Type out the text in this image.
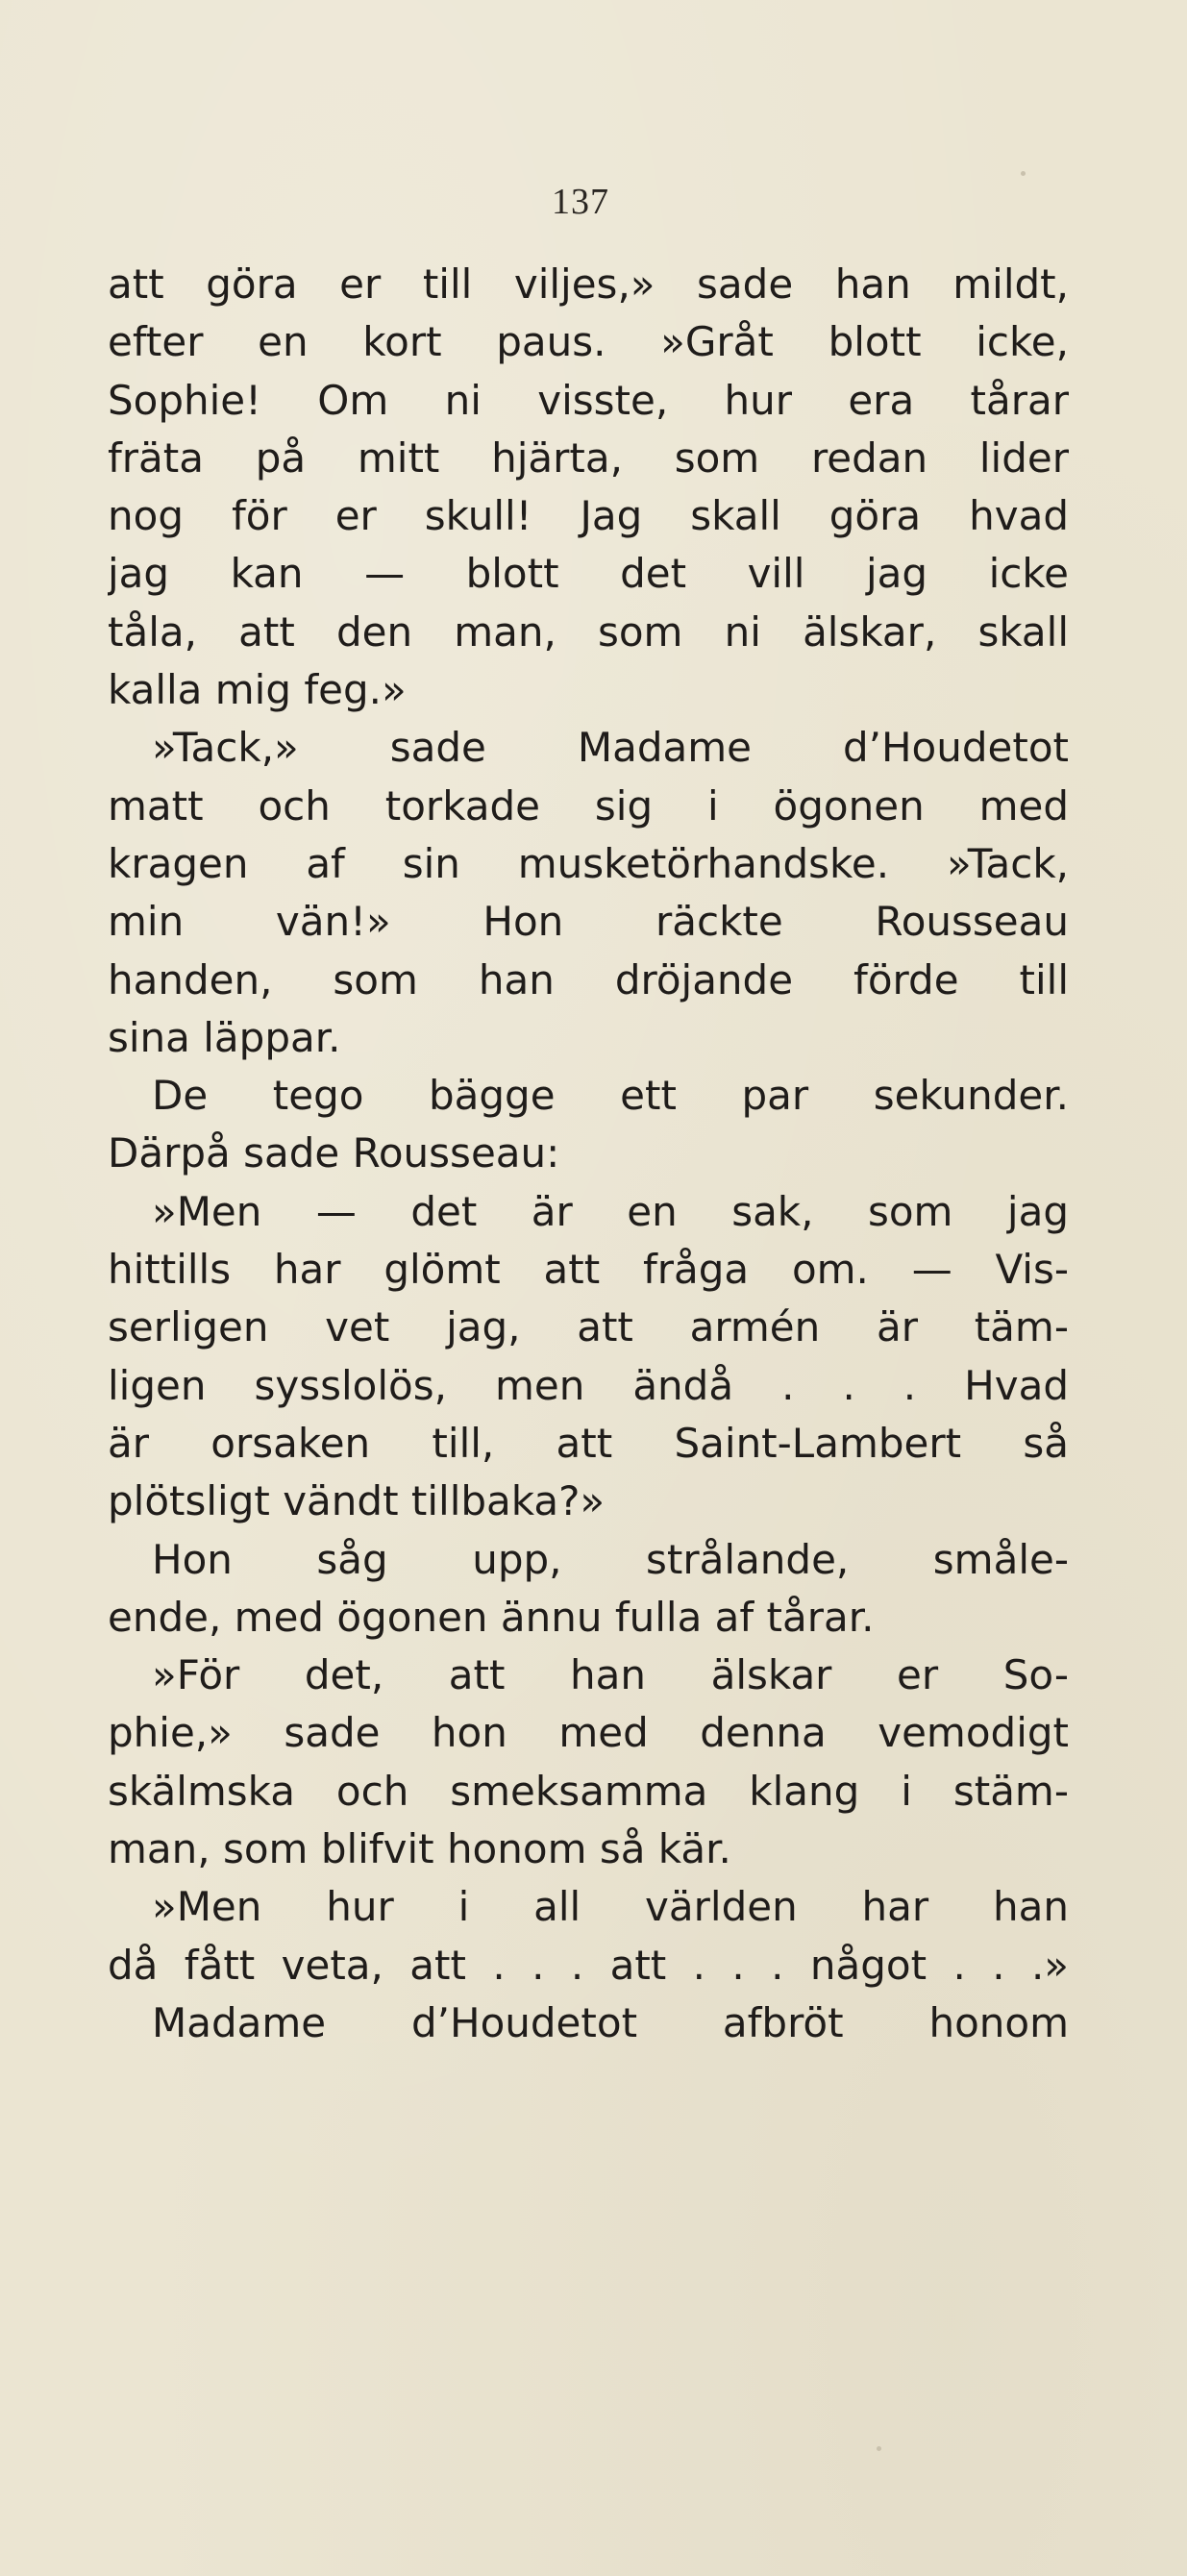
137
att göra er till viljes,» sade han mildt,
efter en kort paus. »Gråt blott icke,
Sophie! Om ni visste, hur era tårar
fräta på mitt hjärta, som redan lider
nog för er skull! Jag skall göra hvad
jag kan — blott det vill jag icke
tåla, att den man, som ni älskar, skall
kalla mig feg.»
»Tack,» sade Madame d’Houdetot
matt och torkade sig i ögonen med
kragen af sin musketörhandske. »Tack,
min vän!» Hon räckte Rousseau
handen, som han dröjande förde till
sina läppar.
De tego bägge ett par sekunder.
Därpå sade Rousseau:
»Men — det är en sak, som jag
hittills har glömt att fråga om. — Vis-
serligen vet jag, att armén är täm-
ligen sysslolös, men ändå . . . Hvad
är orsaken till, att Saint-Lambert så
plötsligt vändt tillbaka?»
Hon såg upp, strålande, småle-
ende, med ögonen ännu fulla af tårar.
»För det, att han älskar er So-
phie,» sade hon med denna vemodigt
skälmska och smeksamma klang i stäm-
man, som blifvit honom så kär.
»Men hur i all världen har han
då fått veta, att . . . att . . . något . . .»
Madame d’Houdetot afbröt honom
